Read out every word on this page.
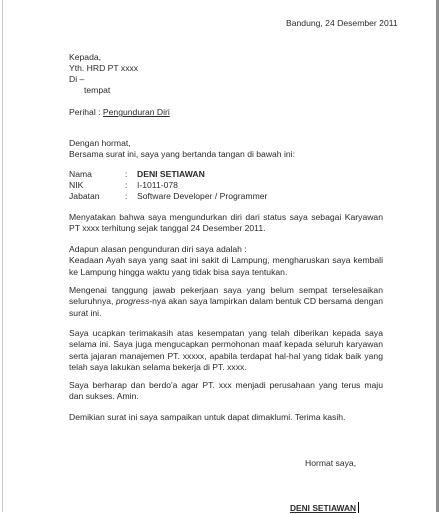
Bandung, 24 Desember 2011
Kepada,
Yth. HRD PT xxxx
Di –
tempat
Perihal : Pengunduran Diri
Dengan hormat,
Bersama surat ini, saya yang bertanda tangan di bawah ini:
Nama	: DENI SETIAWAN
NIK	: I-1011-078
Jabatan	: Software Developer / Programmer
Menyatakan bahwa saya mengundurkan diri dari status saya sebagai Karyawan PT xxxx terhitung sejak tanggal 24 Desember 2011.
Adapun alasan pengunduran diri saya adalah :
Keadaan Ayah saya yang saat ini sakit di Lampung, mengharuskan saya kembali ke Lampung hingga waktu yang tidak bisa saya tentukan.
Mengenai tanggung jawab pekerjaan saya yang belum sempat terselesaikan seluruhnya, progress-nya akan saya lampirkan dalam bentuk CD bersama dengan surat ini.
Saya ucapkan terimakasih atas kesempatan yang telah diberikan kepada saya selama ini. Saya juga mengucapkan permohonan maaf kepada seluruh karyawan serta jajaran manajemen PT. xxxxx, apabila terdapat hal-hal yang tidak baik yang telah saya lakukan selama bekerja di PT. xxxx.
Saya berharap dan berdo'a agar PT. xxx menjadi perusahaan yang terus maju dan sukses. Amin.
Demikian surat ini saya sampaikan untuk dapat dimaklumi. Terima kasih.
Hormat saya,
DENI SETIAWAN
